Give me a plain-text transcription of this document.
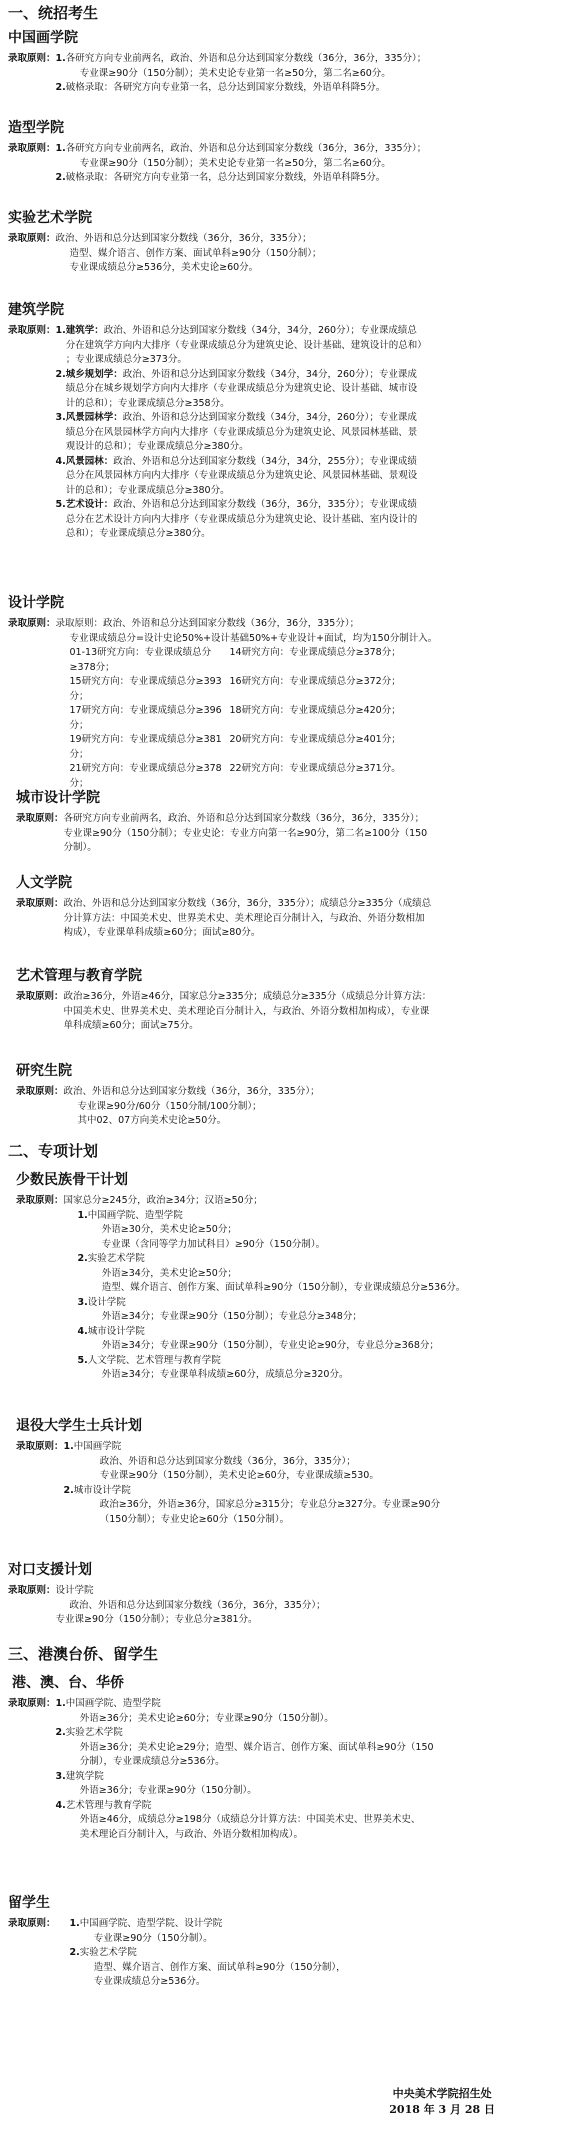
一、统招考生
中国画学院
录取原则： 1. 各研究方向专业前两名，政治、外语和总分达到国家分数线（36分，36分，335分）；
专业课≥90分（150分制）；美术史论专业第一名≥50分，第二名≥60分。
2. 破格录取：各研究方向专业第一名，总分达到国家分数线，外语单科降5分。
造型学院
录取原则： 1. 各研究方向专业前两名，政治、外语和总分达到国家分数线（36分，36分，335分）；
专业课≥90分（150分制）；美术史论专业第一名≥50分，第二名≥60分。
2. 破格录取：各研究方向专业第一名，总分达到国家分数线，外语单科降5分。
实验艺术学院
录取原则： 政治、外语和总分达到国家分数线（36分，36分，335分）；
造型、媒介语言、创作方案、面试单科≥90分（150分制）；
专业课成绩总分≥536分，美术史论≥60分。
建筑学院
录取原则： 1. 建筑学：政治、外语和总分达到国家分数线（34分，34分，260分）；专业课成绩总
分在建筑学方向内大排序（专业课成绩总分为建筑史论、设计基础、建筑设计的总和）
；专业课成绩总分≥373分。
2. 城乡规划学：政治、外语和总分达到国家分数线（34分，34分，260分）；专业课成
绩总分在城乡规划学方向内大排序（专业课成绩总分为建筑史论、设计基础、城市设
计的总和）；专业课成绩总分≥358分。
3. 风景园林学：政治、外语和总分达到国家分数线（34分，34分，260分）；专业课成
绩总分在风景园林学方向内大排序（专业课成绩总分为建筑史论、风景园林基础、景
观设计的总和）；专业课成绩总分≥380分。
4. 风景园林：政治、外语和总分达到国家分数线（34分，34分，255分）；专业课成绩
总分在风景园林方向内大排序（专业课成绩总分为建筑史论、风景园林基础、景观设
计的总和）；专业课成绩总分≥380分。
5. 艺术设计：政治、外语和总分达到国家分数线（36分，36分，335分）；专业课成绩
总分在艺术设计方向内大排序（专业课成绩总分为建筑史论、设计基础、室内设计的
总和）；专业课成绩总分≥380分。
设计学院
录取原则： 录取原则：政治、外语和总分达到国家分数线（36分，36分，335分）；
专业课成绩总分=设计史论50%+设计基础50%+专业设计+面试，均为150分制计入。
01-13研究方向：专业课成绩总分≥378分；
14研究方向：专业课成绩总分≥378分；
15研究方向：专业课成绩总分≥393分；
16研究方向：专业课成绩总分≥372分；
17研究方向：专业课成绩总分≥396分；
18研究方向：专业课成绩总分≥420分；
19研究方向：专业课成绩总分≥381分；
20研究方向：专业课成绩总分≥401分；
21研究方向：专业课成绩总分≥378分；
22研究方向：专业课成绩总分≥371分。
城市设计学院
录取原则： 各研究方向专业前两名，政治、外语和总分达到国家分数线（36分，36分，335分）；
专业课≥90分（150分制）；专业史论：专业方向第一名≥90分，第二名≥100分（150
分制）。
人文学院
录取原则： 政治、外语和总分达到国家分数线（36分，36分，335分）；成绩总分≥335分（成绩总
分计算方法：中国美术史、世界美术史、美术理论百分制计入，与政治、外语分数相加
构成），专业课单科成绩≥60分；面试≥80分。
艺术管理与教育学院
录取原则： 政治≥36分，外语≥46分，国家总分≥335分；成绩总分≥335分（成绩总分计算方法：
中国美术史、世界美术史、美术理论百分制计入，与政治、外语分数相加构成），专业课
单科成绩≥60分；面试≥75分。
研究生院
录取原则： 政治、外语和总分达到国家分数线（36分，36分，335分）；
专业课≥90分/60分（150分制/100分制）；
其中02、07方向美术史论≥50分。
二、专项计划
少数民族骨干计划
录取原则： 国家总分≥245分，政治≥34分；汉语≥50分；
1. 中国画学院、造型学院
外语≥30分，美术史论≥50分；
专业课（含同等学力加试科目）≥90分（150分制）。
2. 实验艺术学院
外语≥34分，美术史论≥50分；
造型、媒介语言、创作方案、面试单科≥90分（150分制），专业课成绩总分≥536分。
3. 设计学院
外语≥34分；专业课≥90分（150分制）；专业总分≥348分；
4. 城市设计学院
外语≥34分；专业课≥90分（150分制），专业史论≥90分，专业总分≥368分；
5. 人文学院、艺术管理与教育学院
外语≥34分；专业课单科成绩≥60分，成绩总分≥320分。
退役大学生士兵计划
录取原则： 1. 中国画学院
政治、外语和总分达到国家分数线（36分，36分，335分）；
专业课≥90分（150分制），美术史论≥60分，专业课成绩≥530。
2. 城市设计学院
政治≥36分，外语≥36分，国家总分≥315分；专业总分≥327分。专业课≥90分
（150分制）；专业史论≥60分（150分制）。
对口支援计划
录取原则： 设计学院
政治、外语和总分达到国家分数线（36分，36分，335分）；
专业课≥90分（150分制）；专业总分≥381分。
三、港澳台侨、留学生
港、澳、台、华侨
录取原则： 1. 中国画学院、造型学院
外语≥36分；美术史论≥60分；专业课≥90分（150分制）。
2. 实验艺术学院
外语≥36分；美术史论≥29分；造型、媒介语言、创作方案、面试单科≥90分（150
分制），专业课成绩总分≥536分。
3. 建筑学院
外语≥36分；专业课≥90分（150分制）。
4. 艺术管理与教育学院
外语≥46分，成绩总分≥198分（成绩总分计算方法：中国美术史、世界美术史、
美术理论百分制计入，与政治、外语分数相加构成）。
留学生
录取原则： 1. 中国画学院、造型学院、设计学院
专业课≥90分（150分制）。
2. 实验艺术学院
造型、媒介语言、创作方案、面试单科≥90分（150分制），
专业课成绩总分≥536分。
中央美术学院招生处
2018 年 3 月 28 日
